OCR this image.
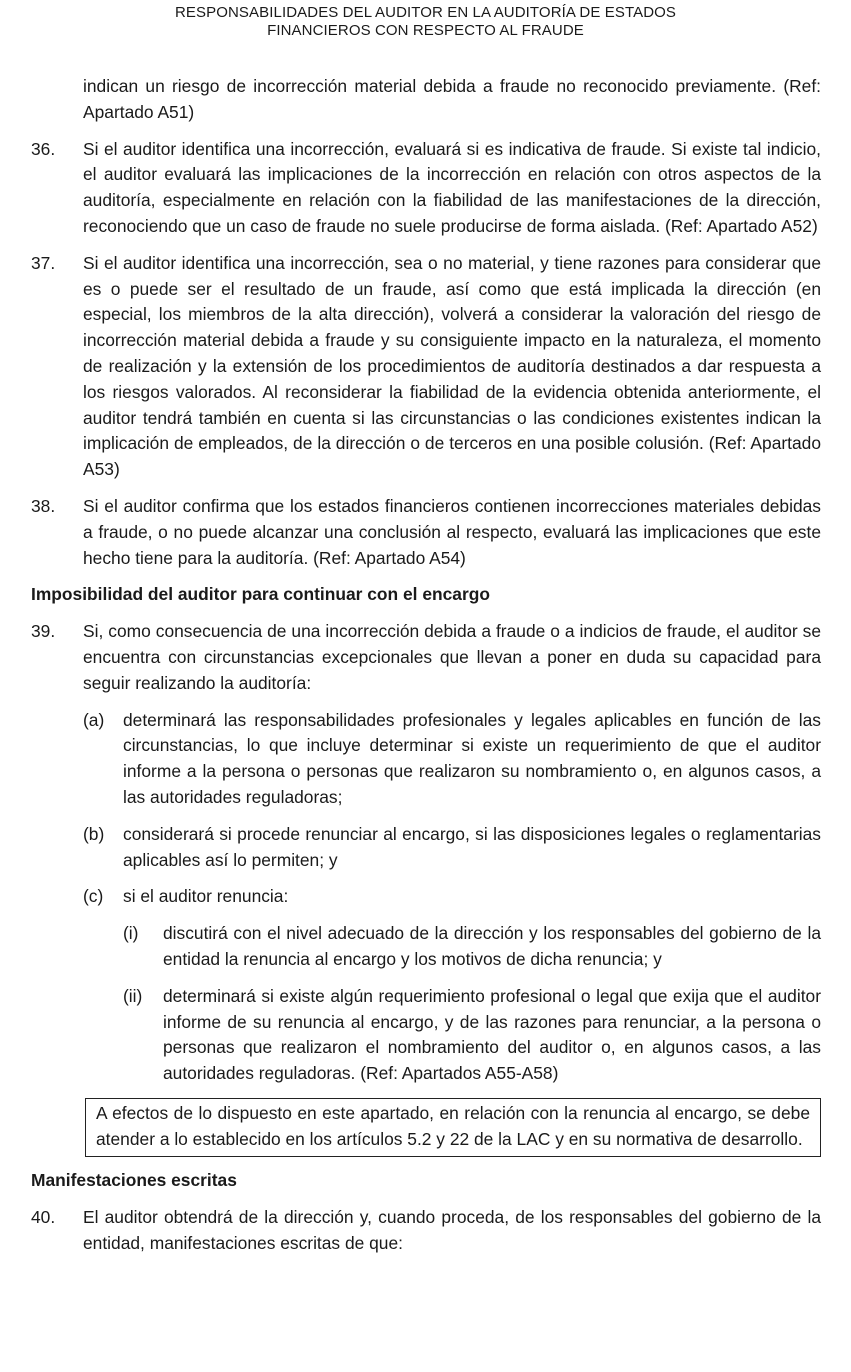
RESPONSABILIDADES DEL AUDITOR EN LA AUDITORÍA DE ESTADOS
FINANCIEROS CON RESPECTO AL FRAUDE
indican un riesgo de incorrección material debida a fraude no reconocido previamente. (Ref: Apartado A51)
36.	Si el auditor identifica una incorrección, evaluará si es indicativa de fraude. Si existe tal indicio, el auditor evaluará las implicaciones de la incorrección en relación con otros aspectos de la auditoría, especialmente en relación con la fiabilidad de las manifestaciones de la dirección, reconociendo que un caso de fraude no suele producirse de forma aislada. (Ref: Apartado A52)
37.	Si el auditor identifica una incorrección, sea o no material, y tiene razones para considerar que es o puede ser el resultado de un fraude, así como que está implicada la dirección (en especial, los miembros de la alta dirección), volverá a considerar la valoración del riesgo de incorrección material debida a fraude y su consiguiente impacto en la naturaleza, el momento de realización y la extensión de los procedimientos de auditoría destinados a dar respuesta a los riesgos valorados. Al reconsiderar la fiabilidad de la evidencia obtenida anteriormente, el auditor tendrá también en cuenta si las circunstancias o las condiciones existentes indican la implicación de empleados, de la dirección o de terceros en una posible colusión. (Ref: Apartado A53)
38.	Si el auditor confirma que los estados financieros contienen incorrecciones materiales debidas a fraude, o no puede alcanzar una conclusión al respecto, evaluará las implicaciones que este hecho tiene para la auditoría. (Ref: Apartado A54)
Imposibilidad del auditor para continuar con el encargo
39.	Si, como consecuencia de una incorrección debida a fraude o a indicios de fraude, el auditor se encuentra con circunstancias excepcionales que llevan a poner en duda su capacidad para seguir realizando la auditoría:
(a)	determinará las responsabilidades profesionales y legales aplicables en función de las circunstancias, lo que incluye determinar si existe un requerimiento de que el auditor informe a la persona o personas que realizaron su nombramiento o, en algunos casos, a las autoridades reguladoras;
(b)	considerará si procede renunciar al encargo, si las disposiciones legales o reglamentarias aplicables así lo permiten; y
(c)	si el auditor renuncia:
(i)	discutirá con el nivel adecuado de la dirección y los responsables del gobierno de la entidad la renuncia al encargo y los motivos de dicha renuncia; y
(ii)	determinará si existe algún requerimiento profesional o legal que exija que el auditor informe de su renuncia al encargo, y de las razones para renunciar, a la persona o personas que realizaron el nombramiento del auditor o, en algunos casos, a las autoridades reguladoras. (Ref: Apartados A55-A58)
A efectos de lo dispuesto en este apartado, en relación con la renuncia al encargo, se debe atender a lo establecido en los artículos 5.2 y 22 de la LAC y en su normativa de desarrollo.
Manifestaciones escritas
40.	El auditor obtendrá de la dirección y, cuando proceda, de los responsables del gobierno de la entidad, manifestaciones escritas de que:
